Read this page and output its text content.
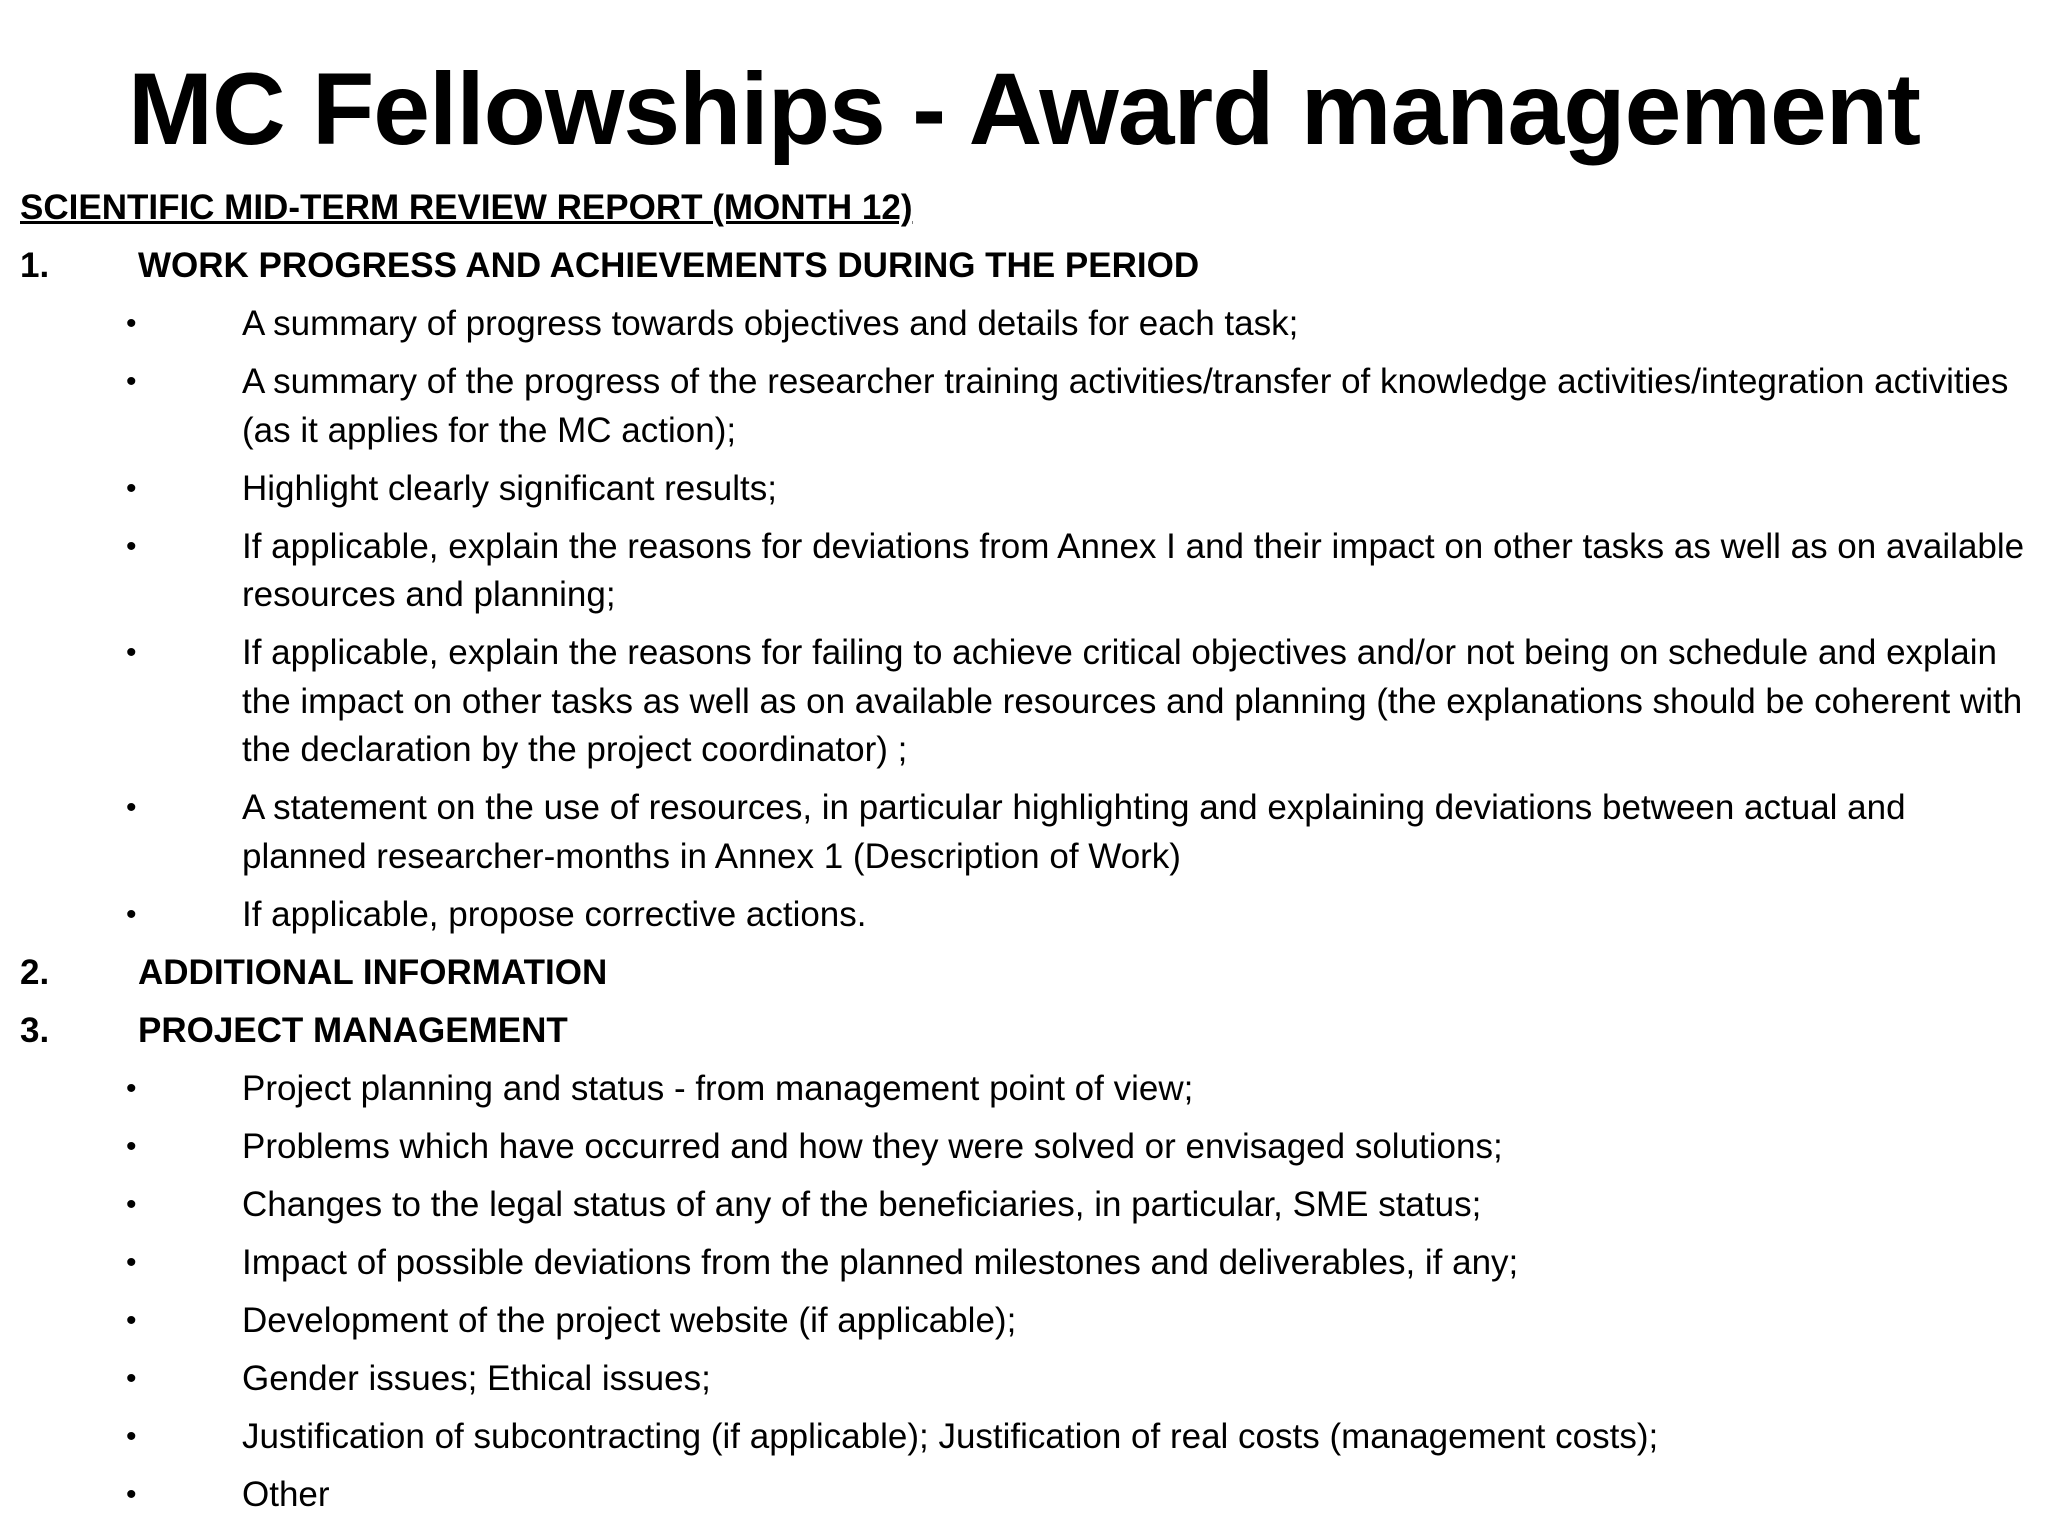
MC Fellowships - Award management
SCIENTIFIC MID-TERM REVIEW REPORT (MONTH 12)
1.	WORK PROGRESS AND ACHIEVEMENTS DURING THE PERIOD
•	A summary of progress towards objectives and details for each task;
•	A summary of the progress of the researcher training activities/transfer of knowledge activities/integration activities (as it applies for the MC action);
•	Highlight clearly significant results;
•	If applicable, explain the reasons for deviations from Annex I and their impact on other tasks as well as on available resources and planning;
•	If applicable, explain the reasons for failing to achieve critical objectives and/or not being on schedule and explain the impact on other tasks as well as on available resources and planning (the explanations should be coherent with the declaration by the project coordinator) ;
•	A statement on the use of resources, in particular highlighting and explaining deviations between actual and planned researcher-months in Annex 1 (Description of Work)
•	If applicable, propose corrective actions.
2.	ADDITIONAL INFORMATION
3.	PROJECT MANAGEMENT
•	Project planning and status - from management point of view;
•	Problems which have occurred and how they were solved or envisaged solutions;
•	Changes to the legal status of any of the beneficiaries, in particular, SME status;
•	Impact of possible deviations from the planned milestones and deliverables, if any;
•	Development of the project website (if applicable);
•	Gender issues; Ethical issues;
•	Justification of subcontracting (if applicable); Justification of real costs (management costs);
•	Other
